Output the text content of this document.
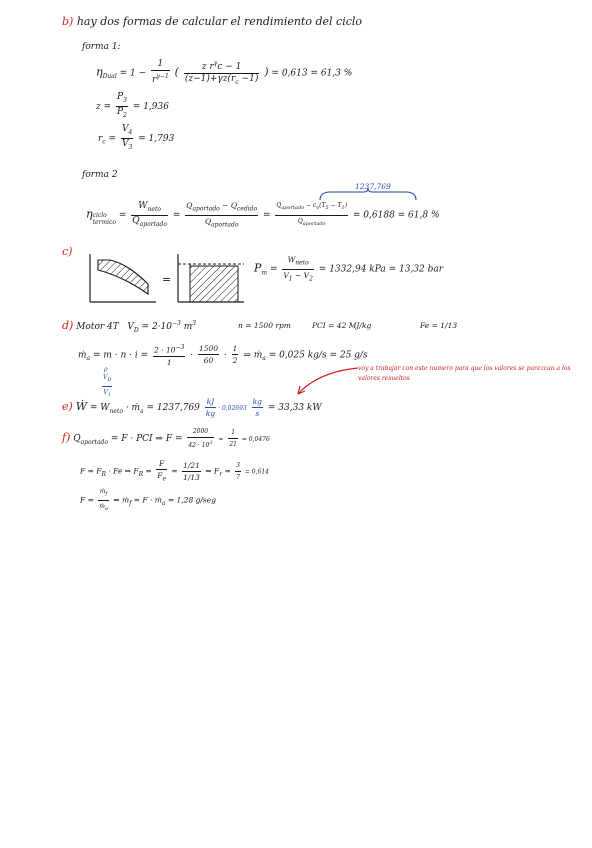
b) hay dos formas de calcular el rendimiento del ciclo
forma 1:
$\eta_{Dual} = 1 - \frac{1}{r^{\gamma-1}}$ ( $\frac{z r^\gamma c - 1}{(z-1)+\gamma z(r_c -1)}$ ) = 0,613 = 61,3 %
$z = \frac{P_3}{P_2} = 1,936$
$r_c = \frac{V_4}{V_3} = 1,793$
forma 2
1237,769
ηciclo
termico = $\frac{W_{neto}}{Q_{aportado}} = \frac{Q_{aportado} - Q_{cedido}}{Q_{aportado}} = \frac{Q_{aportado} - c_v(T_5 - T_1)}{Q_{aportado}} = 0,6188 = 61,8$ %
c)
=
$P_m = \frac{W_{neto}}{V_1 - V_2} = 1332,94$ kPa = 13,32 bar
d) Motor 4T $V_D = 2\cdot 10^{-3}$ $m^3$	n = 1500 rpm	PCI = 42 MJ/kg	Fe = 1/13
ṁ$_a$ = $m \cdot n \cdot i = \frac{2 \cdot 10^{-3}}{1} \cdot \frac{1500}{60} \cdot \frac{1}{2}$ ⇒ ṁ$_a$ = 0,025 kg/s = 25 g/s
ρ
$\frac{V_D}{V_1}$
voy a trabajar con este numero para que los valores se parezcan a los valores resueltos
e) Ẇ = $W_{neto}$ · ṁ$_a$ = $1237,769 \frac{kJ}{kg} \cdot 0,02693 \frac{kg}{s} = 33,33$ kW
f) $Q_{aportado} = F$ · PCI ⇒ $F = \frac{2000}{42 \cdot 10^3} = \frac{1}{21} = 0,0476$
$F = F_R \cdot Fe$ ⇒ $F_R = \frac{F}{F_e} = \frac{1/21}{1/13}$ ⇒ $F_r = \frac{3}{7} = 0,614$
$F = \frac{ṁ_f}{ṁ_a}$ ⇒ ṁ$_f$ = F · ṁ$_a$ = 1,28 g/seg
